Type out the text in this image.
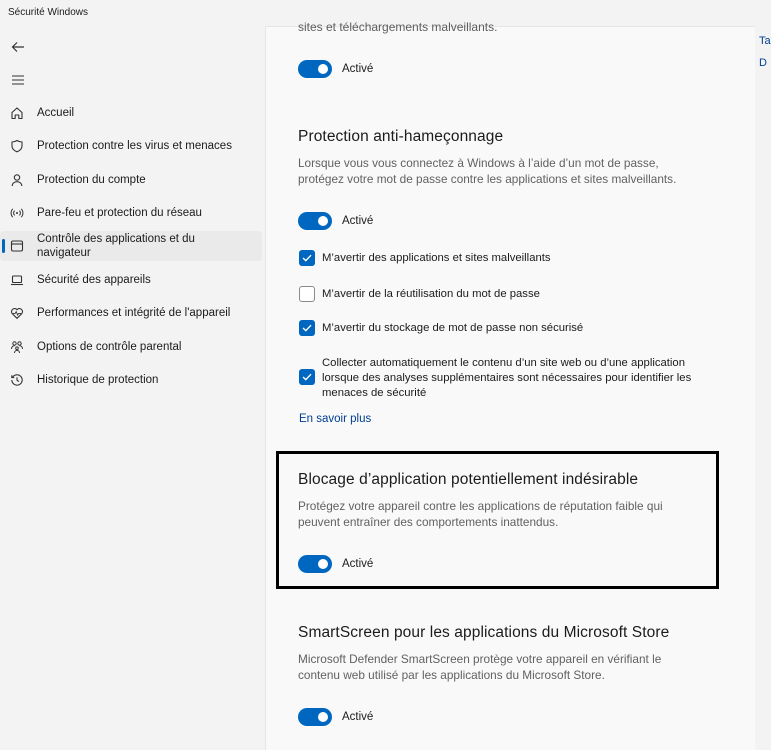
Sécurité Windows
Accueil
Protection contre les virus et menaces
Protection du compte
Pare-feu et protection du réseau
Contrôle des applications et du
navigateur
Sécurité des appareils
Performances et intégrité de l'appareil
Options de contrôle parental
Historique de protection
Ta
D
sites et téléchargements malveillants.
Activé
Protection anti-hameçonnage
Lorsque vous vous connectez à Windows à l’aide d’un mot de passe,
protégez votre mot de passe contre les applications et sites malveillants.
Activé
M’avertir des applications et sites malveillants
M’avertir de la réutilisation du mot de passe
M’avertir du stockage de mot de passe non sécurisé
Collecter automatiquement le contenu d’un site web ou d’une application
lorsque des analyses supplémentaires sont nécessaires pour identifier les
menaces de sécurité
En savoir plus
Blocage d’application potentiellement indésirable
Protégez votre appareil contre les applications de réputation faible qui
peuvent entraîner des comportements inattendus.
Activé
SmartScreen pour les applications du Microsoft Store
Microsoft Defender SmartScreen protège votre appareil en vérifiant le
contenu web utilisé par les applications du Microsoft Store.
Activé
